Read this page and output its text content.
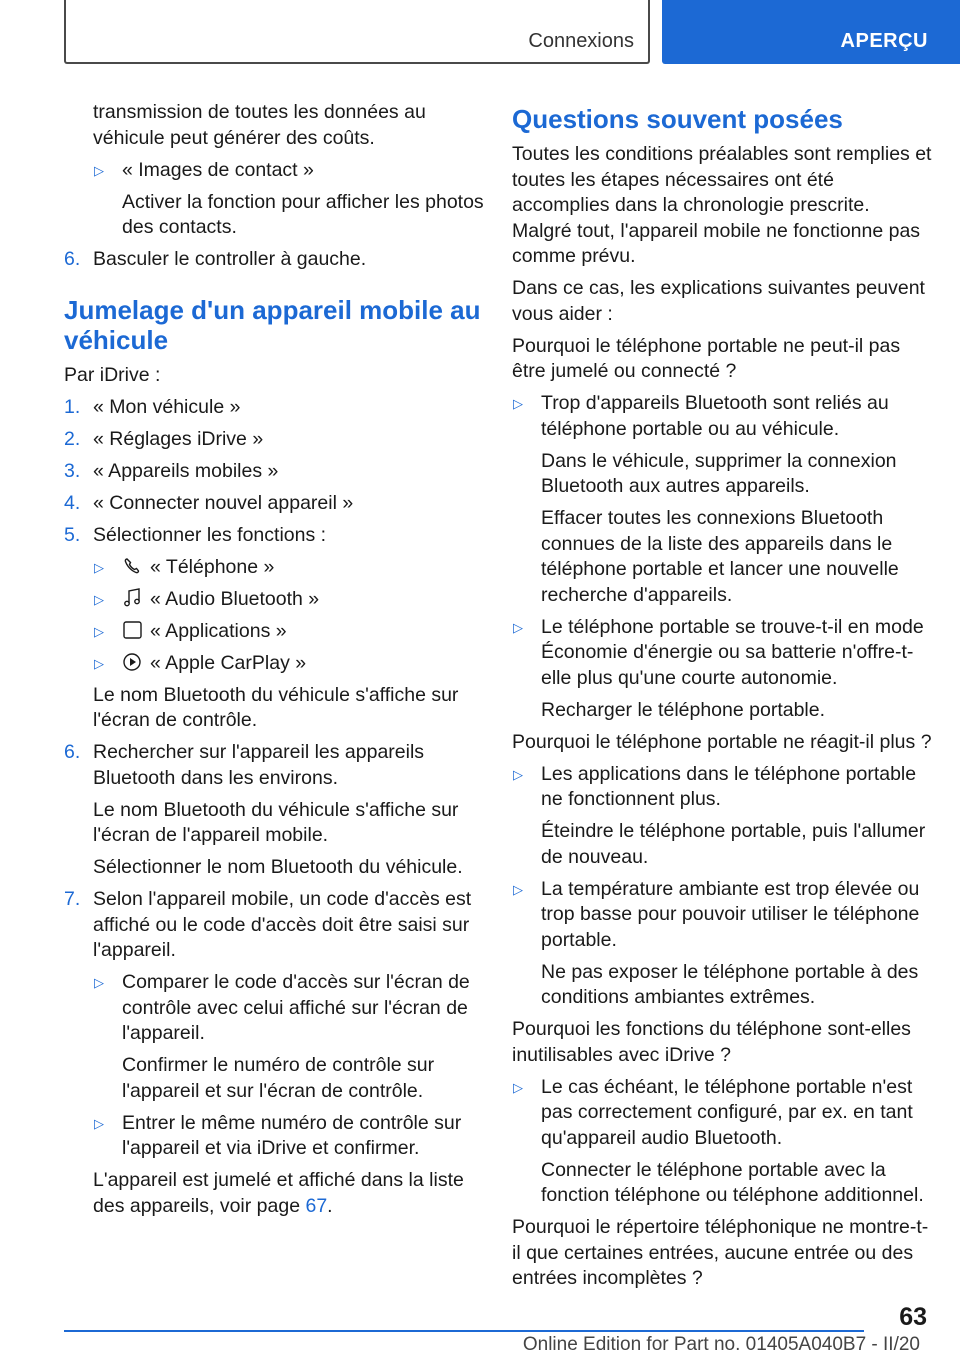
Connexions	APERÇU

transmission de toutes les données au véhicule peut générer des coûts.

▷ « Images de contact »

Activer la fonction pour afficher les photos des contacts.

6. Basculer le controller à gauche.

Jumelage d'un appareil mobile au véhicule

Par iDrive :

1. « Mon véhicule »

2. « Réglages iDrive »

3. « Appareils mobiles »

4. « Connecter nouvel appareil »

5. Sélectionner les fonctions :

▷	« Téléphone »

▷	« Audio Bluetooth »

▷	« Applications »

▷	« Apple CarPlay »

Le nom Bluetooth du véhicule s'affiche sur l'écran de contrôle.

6. Rechercher sur l'appareil les appareils Bluetooth dans les environs.

Le nom Bluetooth du véhicule s'affiche sur l'écran de l'appareil mobile.

Sélectionner le nom Bluetooth du véhicule.

7. Selon l'appareil mobile, un code d'accès est affiché ou le code d'accès doit être saisi sur l'appareil.

▷ Comparer le code d'accès sur l'écran de contrôle avec celui affiché sur l'écran de l'appareil.

Confirmer le numéro de contrôle sur l'appareil et sur l'écran de contrôle.

▷ Entrer le même numéro de contrôle sur l'appareil et via iDrive et confirmer.

L'appareil est jumelé et affiché dans la liste des appareils, voir page 67.

Questions souvent posées

Toutes les conditions préalables sont remplies et toutes les étapes nécessaires ont été accomplies dans la chronologie prescrite. Malgré tout, l'appareil mobile ne fonctionne pas comme prévu.

Dans ce cas, les explications suivantes peuvent vous aider :

Pourquoi le téléphone portable ne peut-il pas être jumelé ou connecté ?

▷ Trop d'appareils Bluetooth sont reliés au téléphone portable ou au véhicule.

Dans le véhicule, supprimer la connexion Bluetooth aux autres appareils.

Effacer toutes les connexions Bluetooth connues de la liste des appareils dans le téléphone portable et lancer une nouvelle recherche d'appareils.

▷ Le téléphone portable se trouve-t-il en mode Économie d'énergie ou sa batterie n'offre-t-elle plus qu'une courte autonomie.

Recharger le téléphone portable.

Pourquoi le téléphone portable ne réagit-il plus ?

▷ Les applications dans le téléphone portable ne fonctionnent plus.

Éteindre le téléphone portable, puis l'allumer de nouveau.

▷ La température ambiante est trop élevée ou trop basse pour pouvoir utiliser le téléphone portable.

Ne pas exposer le téléphone portable à des conditions ambiantes extrêmes.

Pourquoi les fonctions du téléphone sont-elles inutilisables avec iDrive ?

▷ Le cas échéant, le téléphone portable n'est pas correctement configuré, par ex. en tant qu'appareil audio Bluetooth.

Connecter le téléphone portable avec la fonction téléphone ou téléphone additionnel.

Pourquoi le répertoire téléphonique ne montre-t-il que certaines entrées, aucune entrée ou des entrées incomplètes ?

63
Online Edition for Part no. 01405A040B7 - II/20
